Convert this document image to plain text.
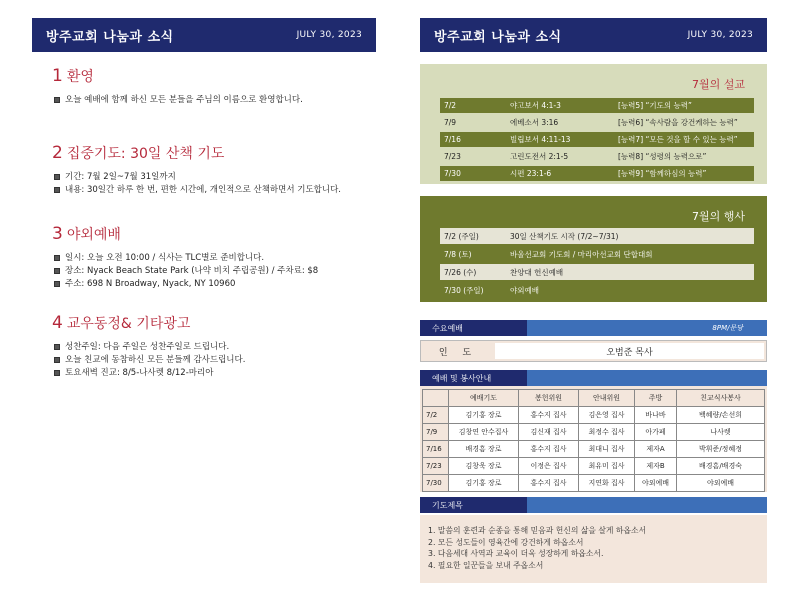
방주교회 나눔과 소식	JULY 30, 2023	방주교회 나눔과 소식	JULY 30, 2023
1 환영
오늘 예배에 함께 하신 모든 분들을 주님의 이름으로 환영합니다.
2 집중기도: 30일 산책 기도
기간: 7월 2일~7월 31일까지
내용: 30일간 하루 한 번, 편한 시간에, 개인적으로 산책하면서 기도합니다.
3 야외예배
일시: 오늘 오전 10:00 / 식사는 TLC별로 준비합니다.
장소: Nyack Beach State Park (나약 비치 주립공원) / 주차료: $8
주소: 698 N Broadway, Nyack, NY 10960
4 교우동정& 기타광고
성찬주일: 다음 주일은 성찬주일로 드립니다.
오늘 친교에 동참하신 모든 분들께 감사드립니다.
토요새벽 진교: 8/5-나사렛 8/12-마리아
7월의 설교
7/2	야고보서 4:1-3	[능력5] “기도의 능력”
7/9	에베소서 3:16	[능력6] “속사람을 강건케하는 능력”
7/16	빌립보서 4:11-13	[능력7] “모든 것을 할 수 있는 능력”
7/23	고린도전서 2:1-5	[능력8] “성령의 능력으로”
7/30	시편 23:1-6	[능력9] “함께하심의 능력”
7월의 행사
7/2 (주일)	30일 산책기도 시작 (7/2~7/31)
7/8 (토)	바울선교회 기도회 / 마리아선교회 단합대회
7/26 (수)	찬양대 헌신예배
7/30 (주일)	야외예배
수요예배	8PM/문당
인 도	오범준 목사
예배 및 봉사안내
	예배기도	봉헌위원	안내위원	주방	친교식사봉사
7/2	김기홍 장로	홍수지 집사	김은영 집사	바나바	백혜량/손선희
7/9	김창연 안수집사	김신재 집사	최정수 집사	아가페	나사렛
7/16	배경흠 장로	홍수지 집사	최대니 집사	제자A	박휘준/정혜정
7/23	김창욱 장로	이정은 집사	최유미 집사	제자B	배경흠/배경숙
7/30	김기홍 장로	홍수지 집사	지연화 집사	야외예배	야외예배
기도제목
1. 말씀의 훈련과 순종을 통해 믿음과 헌신의 삶을 살게 하옵소서
2. 모든 성도들이 영육간에 강건하게 하옵소서
3. 다음세대 사역과 교육이 더욱 성장하게 하옵소서.
4. 필요한 일꾼들을 보내 주옵소서
